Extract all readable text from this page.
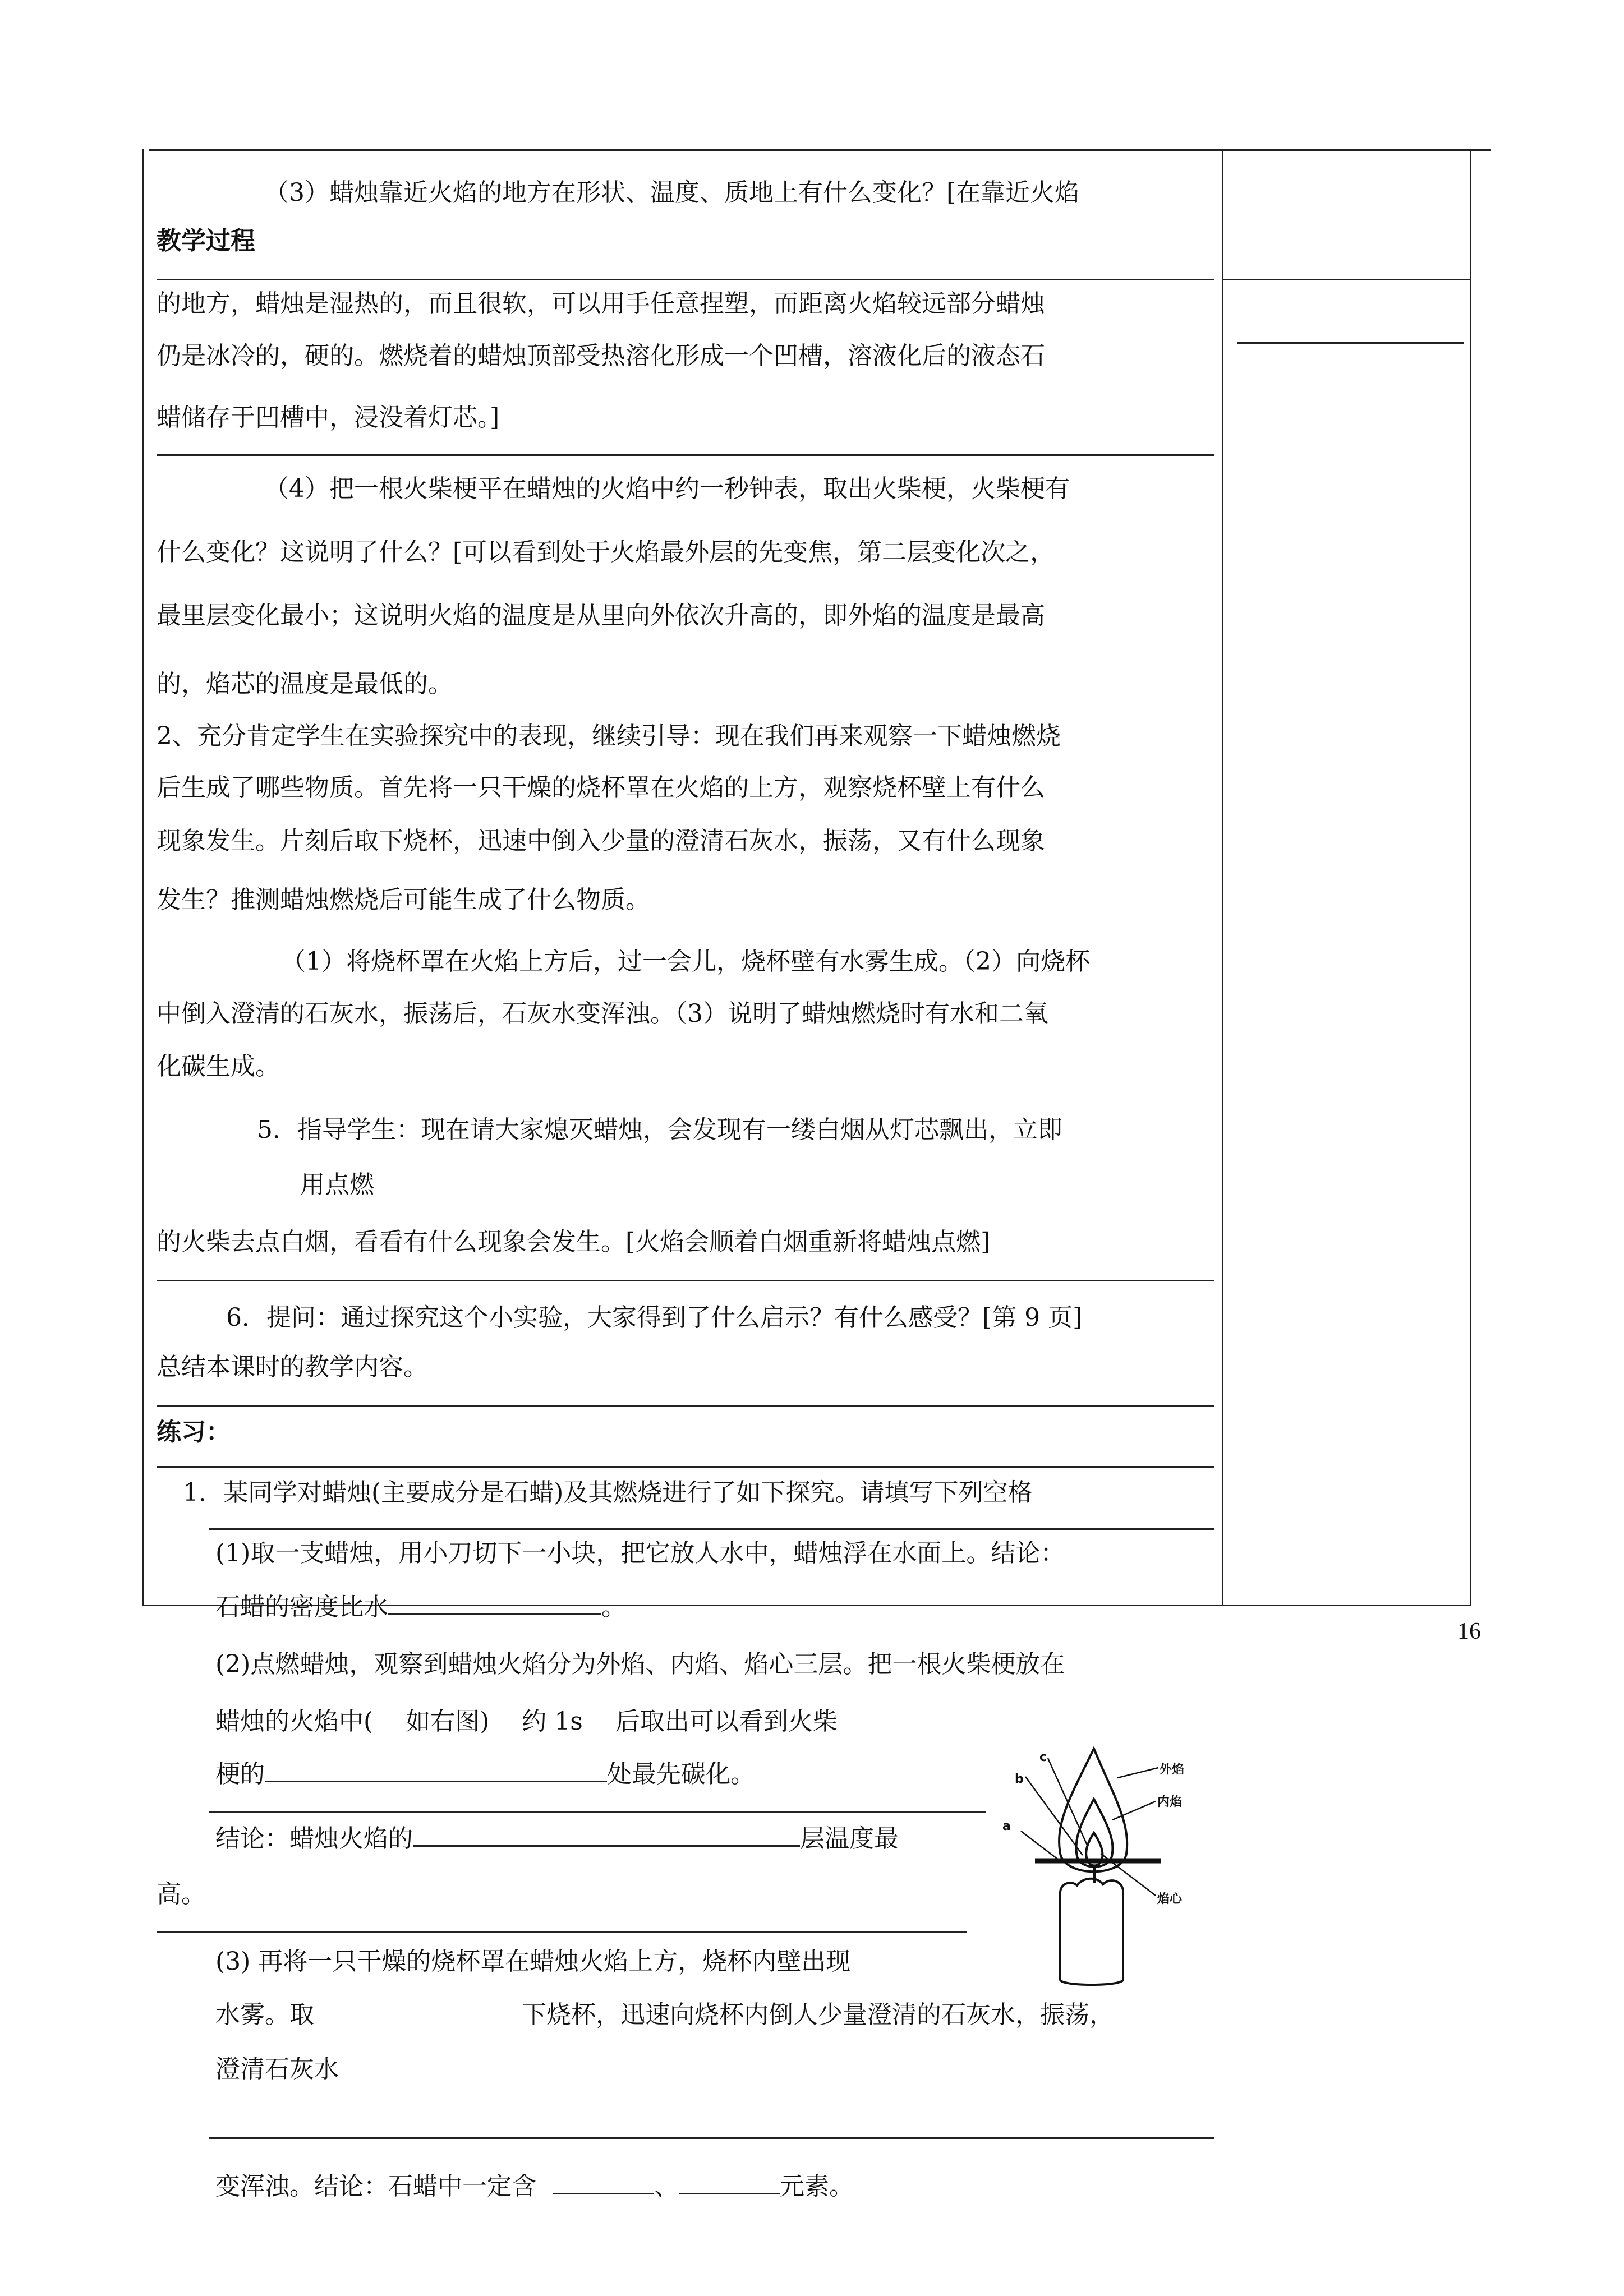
（3）蜡烛靠近火焰的地方在形状、温度、质地上有什么变化？[在靠近火焰
教学过程
的地方，蜡烛是湿热的，而且很软，可以用手任意捏塑，而距离火焰较远部分蜡烛
仍是冰冷的，硬的。燃烧着的蜡烛顶部受热溶化形成一个凹槽，溶液化后的液态石
蜡储存于凹槽中，浸没着灯芯。]
（4）把一根火柴梗平在蜡烛的火焰中约一秒钟表，取出火柴梗，火柴梗有
什么变化？这说明了什么？[可以看到处于火焰最外层的先变焦，第二层变化次之，
最里层变化最小；这说明火焰的温度是从里向外依次升高的，即外焰的温度是最高
的，焰芯的温度是最低的。
2、充分肯定学生在实验探究中的表现，继续引导：现在我们再来观察一下蜡烛燃烧
后生成了哪些物质。首先将一只干燥的烧杯罩在火焰的上方，观察烧杯壁上有什么
现象发生。片刻后取下烧杯，迅速中倒入少量的澄清石灰水，振荡，又有什么现象
发生？推测蜡烛燃烧后可能生成了什么物质。
（1）将烧杯罩在火焰上方后，过一会儿，烧杯壁有水雾生成。（2）向烧杯
中倒入澄清的石灰水，振荡后，石灰水变浑浊。（3）说明了蜡烛燃烧时有水和二氧
化碳生成。
5．指导学生：现在请大家熄灭蜡烛，会发现有一缕白烟从灯芯飘出，立即
用点燃
的火柴去点白烟，看看有什么现象会发生。[火焰会顺着白烟重新将蜡烛点燃]
6．提问：通过探究这个小实验，大家得到了什么启示？有什么感受？[第 9 页]
总结本课时的教学内容。
练习：
1．某同学对蜡烛(主要成分是石蜡)及其燃烧进行了如下探究。请填写下列空格
(1)取一支蜡烛，用小刀切下一小块，把它放人水中，蜡烛浮在水面上。结论：
石蜡的密度比水	。
(2)点燃蜡烛，观察到蜡烛火焰分为外焰、内焰、焰心三层。把一根火柴梗放在
蜡烛的火焰中(　 如右图)　 约 1s　 后取出可以看到火柴
梗的	处最先碳化。
结论：蜡烛火焰的	层温度最
高。
(3) 再将一只干燥的烧杯罩在蜡烛火焰上方，烧杯内壁出现
水雾。取	下烧杯，迅速向烧杯内倒人少量澄清的石灰水，振荡，
澄清石灰水
变浑浊。结论：石蜡中一定含	、	元素。
外焰
内焰
焰心
a
b
c
16
